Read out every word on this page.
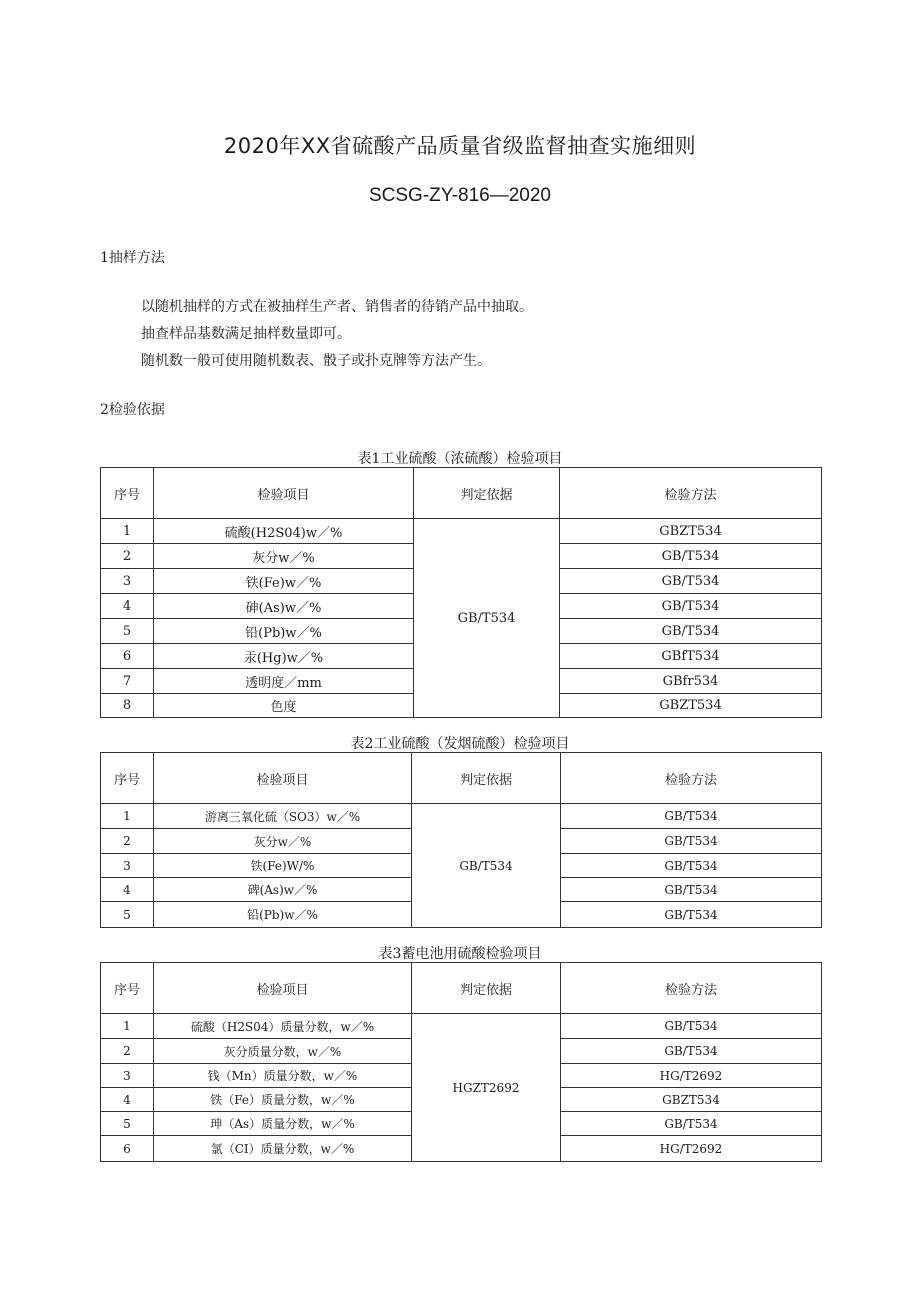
2020年XX省硫酸产品质量省级监督抽查实施细则
SCSG-ZY-816—2020
1抽样方法
以随机抽样的方式在被抽样生产者、销售者的待销产品中抽取。
抽查样品基数满足抽样数量即可。
随机数一般可使用随机数表、骰子或扑克牌等方法产生。
2检验依据
表1工业硫酸（浓硫酸）检验项目
序号	检验项目	判定依据	检验方法
1	硫酸(H2S04)w／%	GB/T534	GBZT534
2	灰分w／%		GB/T534
3	铁(Fe)w／%		GB/T534
4	砷(As)w／%		GB/T534
5	铅(Pb)w／%		GB/T534
6	汞(Hg)w／%		GBfT534
7	透明度／mm		GBfr534
8	色度		GBZT534
表2工业硫酸（发烟硫酸）检验项目
序号	检验项目	判定依据	检验方法
1	游离三氧化硫（SO3）w／%	GB/T534	GB/T534
2	灰分w／%		GB/T534
3	铁(Fe)W/%		GB/T534
4	碑(As)w／%		GB/T534
5	铅(Pb)w／%		GB/T534
表3蓄电池用硫酸检验项目
序号	检验项目	判定依据	检验方法
1	硫酸（H2S04）质量分数，w／%	HGZT2692	GB/T534
2	灰分质量分数，w／%		GB/T534
3	钱（Mn）质量分数，w／%		HG/T2692
4	铁（Fe）质量分数，w／%		GBZT534
5	珅（As）质量分数，w／%		GB/T534
6	氯（CI）质量分数，w／%		HG/T2692
